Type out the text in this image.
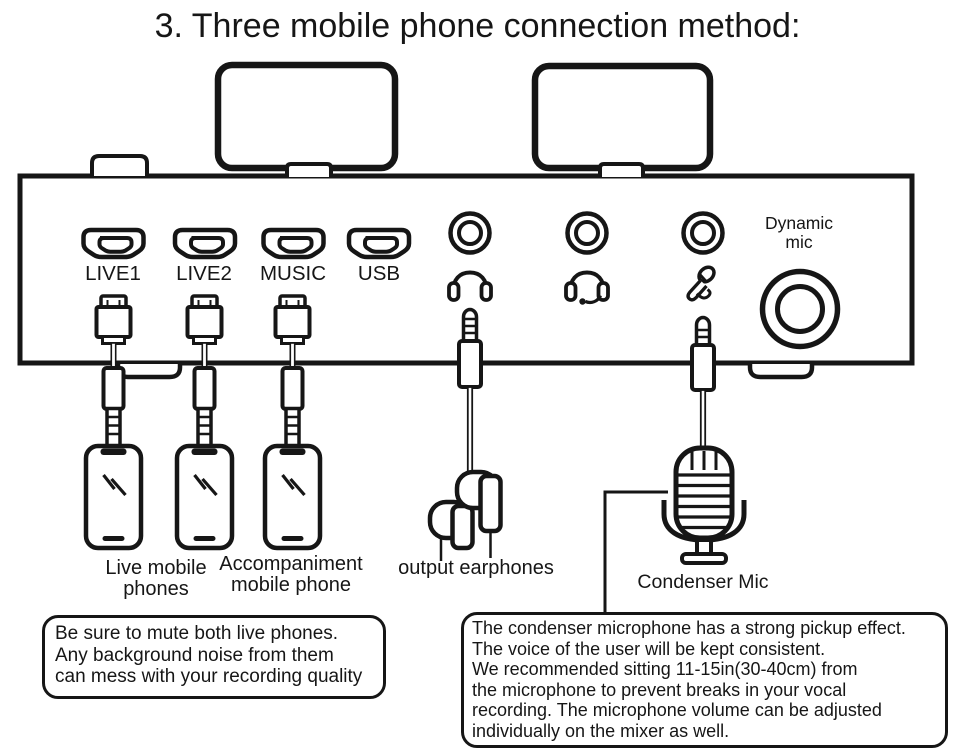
3. Three mobile phone connection method:
LIVE1	LIVE2	MUSIC	USB
Dynamic
mic
Live mobile
phones
Accompaniment
mobile phone
output earphones
Condenser Mic
Be sure to mute both live phones.
Any background noise from them
can mess with your recording quality
The condenser microphone has a strong pickup effect.
The voice of the user will be kept consistent.
We recommended sitting 11-15in(30-40cm) from
the microphone to prevent breaks in your vocal
recording. The microphone volume can be adjusted
individually on the mixer as well.
